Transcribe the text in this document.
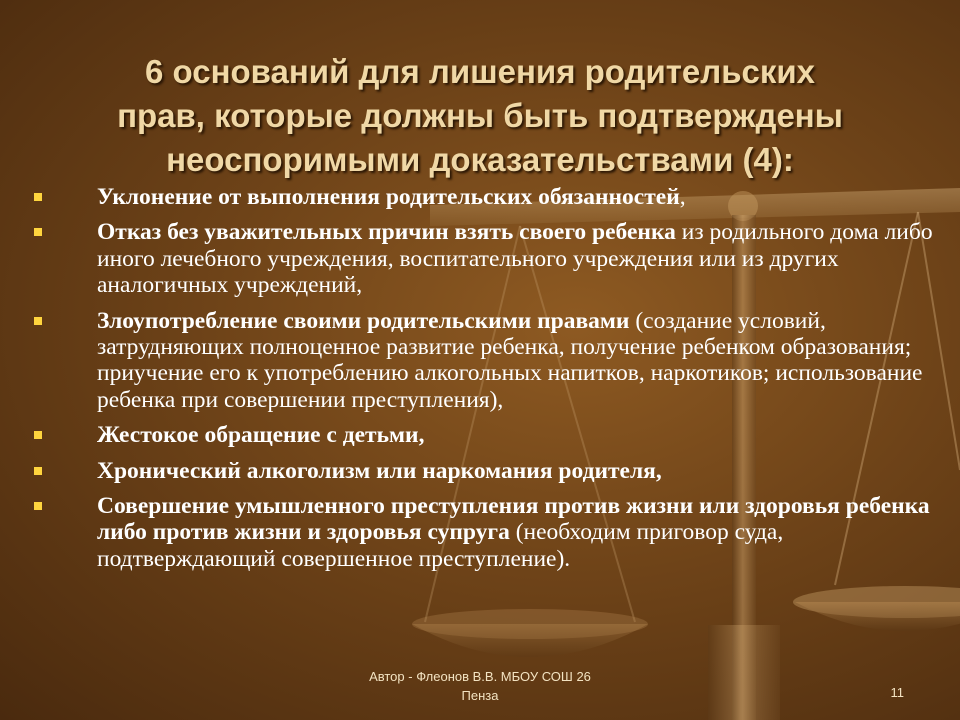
6 оснований для лишения родительских
прав, которые должны быть подтверждены
неоспоримыми доказательствами (4):
Уклонение от выполнения родительских обязанностей,
Отказ без уважительных причин взять своего ребенка из родильного дома либо иного лечебного учреждения, воспитательного учреждения или из других аналогичных учреждений,
Злоупотребление своими родительскими правами (создание условий, затрудняющих полноценное развитие ребенка, получение ребенком образования; приучение его к употреблению алкогольных напитков, наркотиков; использование ребенка при совершении преступления),
Жестокое обращение с детьми,
Хронический алкоголизм или наркомания родителя,
Совершение умышленного преступления против жизни или здоровья ребенка либо против жизни и здоровья супруга (необходим приговор суда, подтверждающий совершенное преступление).
Автор - Флеонов В.В. МБОУ СОШ 26
Пенза	11
